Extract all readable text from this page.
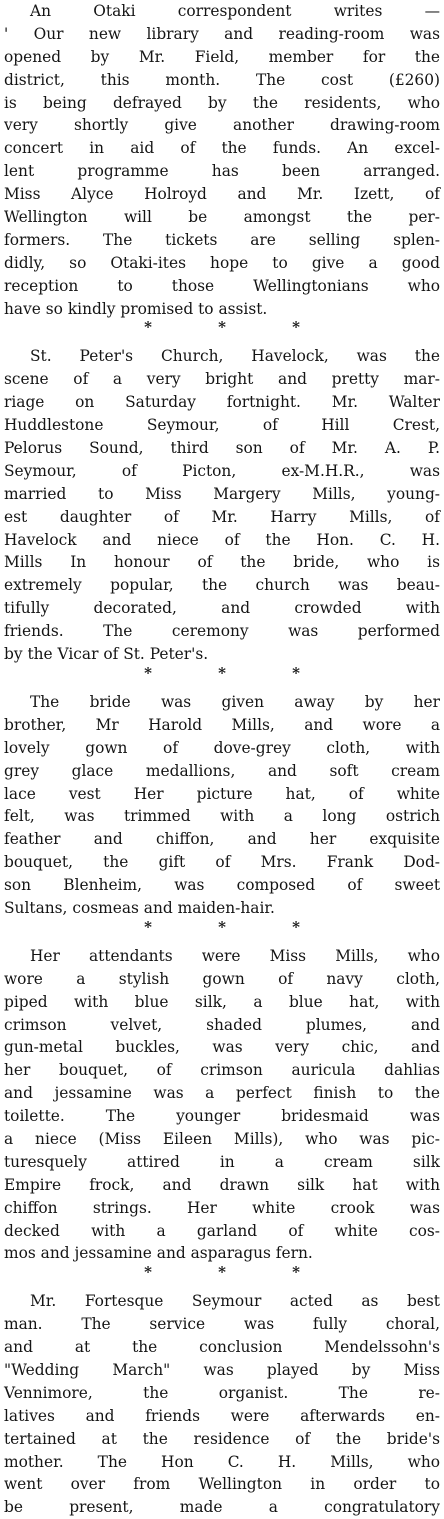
An Otaki correspondent writes —
' Our new library and reading-room was
opened by Mr. Field, member for the
district, this month. The cost (£260)
is being defrayed by the residents, who
very shortly give another drawing-room
concert in aid of the funds. An excel-
lent programme has been arranged.
Miss Alyce Holroyd and Mr. Izett, of
Wellington will be amongst the per-
formers. The tickets are selling splen-
didly, so Otaki-ites hope to give a good
reception to those Wellingtonians who
have so kindly promised to assist.
*	*	*
St. Peter's Church, Havelock, was the
scene of a very bright and pretty mar-
riage on Saturday fortnight. Mr. Walter
Huddlestone Seymour, of Hill Crest,
Pelorus Sound, third son of Mr. A. P.
Seymour, of Picton, ex-M.H.R., was
married to Miss Margery Mills, young-
est daughter of Mr. Harry Mills, of
Havelock and niece of the Hon. C. H.
Mills In honour of the bride, who is
extremely popular, the church was beau-
tifully decorated, and crowded with
friends. The ceremony was performed
by the Vicar of St. Peter's.
*	*	*
The bride was given away by her
brother, Mr Harold Mills, and wore a
lovely gown of dove-grey cloth, with
grey glace medallions, and soft cream
lace vest Her picture hat, of white
felt, was trimmed with a long ostrich
feather and chiffon, and her exquisite
bouquet, the gift of Mrs. Frank Dod-
son Blenheim, was composed of sweet
Sultans, cosmeas and maiden-hair.
*	*	*
Her attendants were Miss Mills, who
wore a stylish gown of navy cloth,
piped with blue silk, a blue hat, with
crimson velvet, shaded plumes, and
gun-metal buckles, was very chic, and
her bouquet, of crimson auricula dahlias
and jessamine was a perfect finish to the
toilette. The younger bridesmaid was
a niece (Miss Eileen Mills), who was pic-
turesquely attired in a cream silk
Empire frock, and drawn silk hat with
chiffon strings. Her white crook was
decked with a garland of white cos-
mos and jessamine and asparagus fern.
*	*	*
Mr. Fortesque Seymour acted as best
man. The service was fully choral,
and at the conclusion Mendelssohn's
"Wedding March" was played by Miss
Vennimore, the organist. The re-
latives and friends were afterwards en-
tertained at the residence of the bride's
mother. The Hon C. H. Mills, who
went over from Wellington in order to
be present, made a congratulatory
